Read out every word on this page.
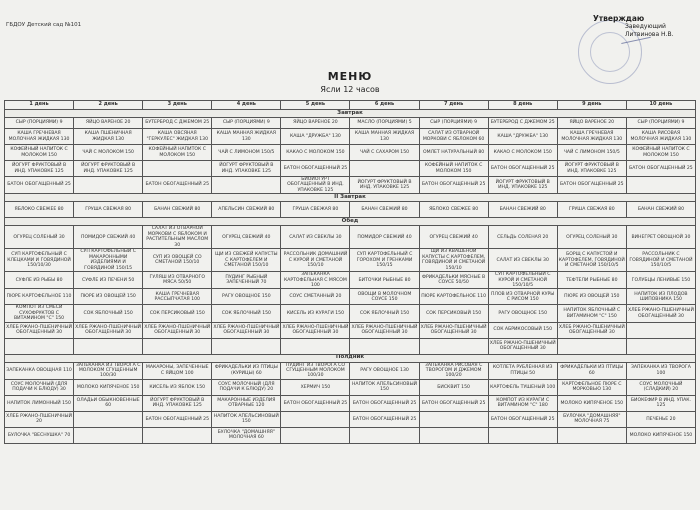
ГБДОУ Детский сад №101
Утверждаю
Заведующий
Литвинова Н.В.
МЕНЮ
Ясли 12 часов
1 день	2 день	3 день	4 день	5 день	6 день	7 день	8 день	9 день	10 день
Завтрак									
СЫР (ПОРЦИЯМИ) 9	ЯЙЦО ВАРЕНОЕ 20	БУТЕРБРОД С ДЖЕМОМ 25	СЫР (ПОРЦИЯМИ) 9	ЯЙЦО ВАРЕНОЕ 20	МАСЛО (ПОРЦИЯМИ) 5	СЫР (ПОРЦИЯМИ) 9	БУТЕРБРОД С ДЖЕМОМ 25	ЯЙЦО ВАРЕНОЕ 20	СЫР (ПОРЦИЯМИ) 9
КАША ГРЕЧНЕВАЯ МОЛОЧНАЯ ЖИДКАЯ 130	КАША ПШЕНИЧНАЯ ЖИДКАЯ 130	КАША ОВСЯНАЯ "ГЕРКУЛЕС" ЖИДКАЯ 130	КАША МАННАЯ ЖИДКАЯ 130	КАША "ДРУЖБА" 130	КАША МАННАЯ ЖИДКАЯ 130	САЛАТ ИЗ ОТВАРНОЙ МОРКОВИ С ЯБЛОКОМ 60	КАША "ДРУЖБА" 130	КАША ГРЕЧНЕВАЯ МОЛОЧНАЯ ЖИДКАЯ 130	КАША РИСОВАЯ МОЛОЧНАЯ ЖИДКАЯ 130
КОФЕЙНЫЙ НАПИТОК С МОЛОКОМ 150	ЧАЙ С МОЛОКОМ 150	КОФЕЙНЫЙ НАПИТОК С МОЛОКОМ 150	ЧАЙ С ЛИМОНОМ 150/5	КАКАО С МОЛОКОМ 150	ЧАЙ С САХАРОМ 150	ОМЛЕТ НАТУРАЛЬНЫЙ 80	КАКАО С МОЛОКОМ 150	ЧАЙ С ЛИМОНОМ 150/5	КОФЕЙНЫЙ НАПИТОК С МОЛОКОМ 150
ЙОГУРТ ФРУКТОВЫЙ В ИНД. УПАКОВКЕ 125	ЙОГУРТ ФРУКТОВЫЙ В ИНД. УПАКОВКЕ 125		ЙОГУРТ ФРУКТОВЫЙ В ИНД. УПАКОВКЕ 125	БАТОН ОБОГАЩЕННЫЙ 25		КОФЕЙНЫЙ НАПИТОК С МОЛОКОМ 150	БАТОН ОБОГАЩЕННЫЙ 25	ЙОГУРТ ФРУКТОВЫЙ В ИНД. УПАКОВКЕ 125	БАТОН ОБОГАЩЕННЫЙ 25
БАТОН ОБОГАЩЕННЫЙ 25		БАТОН ОБОГАЩЕННЫЙ 25		БИОЙОГУРТ ОБОГАЩЕННЫЙ В ИНД. УПАКОВКЕ 125	ЙОГУРТ ФРУКТОВЫЙ В ИНД. УПАКОВКЕ 125	БАТОН ОБОГАЩЕННЫЙ 25	ЙОГУРТ ФРУКТОВЫЙ В ИНД. УПАКОВКЕ 125	БАТОН ОБОГАЩЕННЫЙ 25	
II Завтрак									
ЯБЛОКО СВЕЖЕЕ 80	ГРУША СВЕЖАЯ 80	БАНАН СВЕЖИЙ 80	АПЕЛЬСИН СВЕЖИЙ 80	ГРУША СВЕЖАЯ 80	БАНАН СВЕЖИЙ 80	ЯБЛОКО СВЕЖЕЕ 80	БАНАН СВЕЖИЙ 80	ГРУША СВЕЖАЯ 80	БАНАН СВЕЖИЙ 80
Обед									
ОГУРЕЦ СОЛЕНЫЙ 30	ПОМИДОР СВЕЖИЙ 40	САЛАТ ИЗ ОТВАРНОЙ МОРКОВИ С ЯБЛОКОМ И РАСТИТЕЛЬНЫМ МАСЛОМ 30	ОГУРЕЦ СВЕЖИЙ 40	САЛАТ ИЗ СВЕКЛЫ 30	ПОМИДОР СВЕЖИЙ 40	ОГУРЕЦ СВЕЖИЙ 40	СЕЛЬДЬ СОЛЕНАЯ 20	ОГУРЕЦ СОЛЕНЫЙ 30	ВИНЕГРЕТ ОВОЩНОЙ 30
СУП КАРТОФЕЛЬНЫЙ С КЛЕЦКАМИ И ГОВЯДИНОЙ 150/10/30	СУП КАРТОФЕЛЬНЫЙ С МАКАРОННЫМИ ИЗДЕЛИЯМИ И ГОВЯДИНОЙ 150/15	СУП ИЗ ОВОЩЕЙ СО СМЕТАНОЙ 150/10	ЩИ ИЗ СВЕЖЕЙ КАПУСТЫ С КАРТОФЕЛЕМ И СМЕТАНОЙ 150/10	РАССОЛЬНИК ДОМАШНИЙ С КУРОЙ И СМЕТАНОЙ 150/10	СУП КАРТОФЕЛЬНЫЙ С ГОРОХОМ И ГРЕНКАМИ 150/15	ЩИ ИЗ КВАШЕНОЙ КАПУСТЫ С КАРТОФЕЛЕМ, ГОВЯДИНОЙ И СМЕТАНОЙ 150/10	САЛАТ ИЗ СВЕКЛЫ 30	БОРЩ С КАПУСТОЙ И КАРТОФЕЛЕМ, ГОВЯДИНОЙ И СМЕТАНОЙ 150/10/5	РАССОЛЬНИК С ГОВЯДИНОЙ И СМЕТАНОЙ 150/10/5
СУФЛЕ ИЗ РЫБЫ 80	СУФЛЕ ИЗ ПЕЧЕНИ 50	ГУЛЯШ ИЗ ОТВАРНОГО МЯСА 50/50	ПУДИНГ РЫБНЫЙ ЗАПЕЧЕННЫЙ 70	ЗАПЕКАНКА КАРТОФЕЛЬНАЯ С МЯСОМ 100	БИТОЧКИ РЫБНЫЕ 80	ФРИКАДЕЛЬКИ МЯСНЫЕ В СОУСЕ 50/50	СУП КАРТОФЕЛЬНЫЙ С КУРОЙ И СМЕТАНОЙ 150/10/5	ТЕФТЕЛИ РЫБНЫЕ 80	ГОЛУБЦЫ ЛЕНИВЫЕ 150
ПЮРЕ КАРТОФЕЛЬНОЕ 110	ПЮРЕ ИЗ ОВОЩЕЙ 150	КАША ГРЕЧНЕВАЯ РАССЫПЧАТАЯ 100	РАГУ ОВОЩНОЕ 150	СОУС СМЕТАННЫЙ 20	ОВОЩИ В МОЛОЧНОМ СОУСЕ 150	ПЮРЕ КАРТОФЕЛЬНОЕ 110	ПЛОВ ИЗ ОТВАРНОЙ КУРЫ С РИСОМ 150	ПЮРЕ ИЗ ОВОЩЕЙ 150	НАПИТОК ИЗ ПЛОДОВ ШИПОВНИКА 150
КОМПОТ ИЗ СМЕСИ СУХОФРУКТОВ С ВИТАМИНОМ "С" 150	СОК ЯБЛОЧНЫЙ 150	СОК ПЕРСИКОВЫЙ 150	СОК ЯБЛОЧНЫЙ 150	КИСЕЛЬ ИЗ КУРАГИ 150	СОК ЯБЛОЧНЫЙ 150	СОК ПЕРСИКОВЫЙ 150	РАГУ ОВОЩНОЕ 150	НАПИТОК ЯБЛОЧНЫЙ С ВИТАМИНОМ "С" 150	ХЛЕБ РЖАНО-ПШЕНИЧНЫЙ ОБОГАЩЕННЫЙ 30
ХЛЕБ РЖАНО-ПШЕНИЧНЫЙ ОБОГАЩЕННЫЙ 30	ХЛЕБ РЖАНО-ПШЕНИЧНЫЙ ОБОГАЩЕННЫЙ 30	ХЛЕБ РЖАНО-ПШЕНИЧНЫЙ ОБОГАЩЕННЫЙ 30	ХЛЕБ РЖАНО-ПШЕНИЧНЫЙ ОБОГАЩЕННЫЙ 30	ХЛЕБ РЖАНО-ПШЕНИЧНЫЙ ОБОГАЩЕННЫЙ 30	ХЛЕБ РЖАНО-ПШЕНИЧНЫЙ ОБОГАЩЕННЫЙ 30	ХЛЕБ РЖАНО-ПШЕНИЧНЫЙ ОБОГАЩЕННЫЙ 30	СОК АБРИКОСОВЫЙ 150	ХЛЕБ РЖАНО-ПШЕНИЧНЫЙ ОБОГАЩЕННЫЙ 30	
							ХЛЕБ РЖАНО-ПШЕНИЧНЫЙ ОБОГАЩЕННЫЙ 30		
Полдник									
ЗАПЕКАНКА ОВОЩНАЯ 110	ЗАПЕКАНКА ИЗ ТВОРОГА С МОЛОКОМ СГУЩЕННЫМ 100/30	МАКАРОНЫ, ЗАПЕЧЕННЫЕ С ЯЙЦОМ 100	ФРИКАДЕЛЬКИ ИЗ ПТИЦЫ (КУРИЦЫ) 60	ПУДИНГ ИЗ ТВОРОГА СО СГУЩЕННЫМ МОЛОКОМ 100/30	РАГУ ОВОЩНОЕ 130	ЗАПЕКАНКА РИСОВАЯ С ТВОРОГОМ И ДЖЕМОМ 100/20	КОТЛЕТА РУБЛЕННАЯ ИЗ ПТИЦЫ 50	ФРИКАДЕЛЬКИ ИЗ ПТИЦЫ 60	ЗАПЕКАНКА ИЗ ТВОРОГА 100
СОУС МОЛОЧНЫЙ (ДЛЯ ПОДАЧИ К БЛЮДУ) 30	МОЛОКО КИПЯЧЕНОЕ 150	КИСЕЛЬ ИЗ ЯБЛОК 150	СОУС МОЛОЧНЫЙ (ДЛЯ ПОДАЧИ К БЛЮДУ) 20	ХЕРМИЧ 150	НАПИТОК АПЕЛЬСИНОВЫЙ 150	БИСКВИТ 150	КАРТОФЕЛЬ ТУШЕНЫЙ 100	КАРТОФЕЛЬНОЕ ПЮРЕ С МОРКОВЬЮ 130	СОУС МОЛОЧНЫЙ (СЛАДКИЙ) 20
НАПИТОК ЛИМОННЫЙ 150	ОЛАДЬИ ОБЫКНОВЕННЫЕ 60	ЙОГУРТ ФРУКТОВЫЙ В ИНД. УПАКОВКЕ 125	МАКАРОННЫЕ ИЗДЕЛИЯ ОТВАРНЫЕ 120	БАТОН ОБОГАЩЕННЫЙ 25	БАТОН ОБОГАЩЕННЫЙ 25	БАТОН ОБОГАЩЕННЫЙ 25	КОМПОТ ИЗ КУРАГИ С ВИТАМИНОМ "С" 180	МОЛОКО КИПЯЧЕНОЕ 150	БИОКЕФИР В ИНД. УПАК. 125
ХЛЕБ РЖАНО-ПШЕНИЧНЫЙ 20		БАТОН ОБОГАЩЕННЫЙ 25	НАПИТОК АПЕЛЬСИНОВЫЙ 150		БАТОН ОБОГАЩЕННЫЙ 25		БАТОН ОБОГАЩЕННЫЙ 25	БУЛОЧКА "ДОМАШНЯЯ" МОЛОЧНАЯ 75	ПЕЧЕНЬЕ 20
БУЛОЧКА "ВЕСНУШКА" 70			БУЛОЧКА "ДОМАШНЯЯ" МОЛОЧНАЯ 60						МОЛОКО КИПЯЧЕНОЕ 150
